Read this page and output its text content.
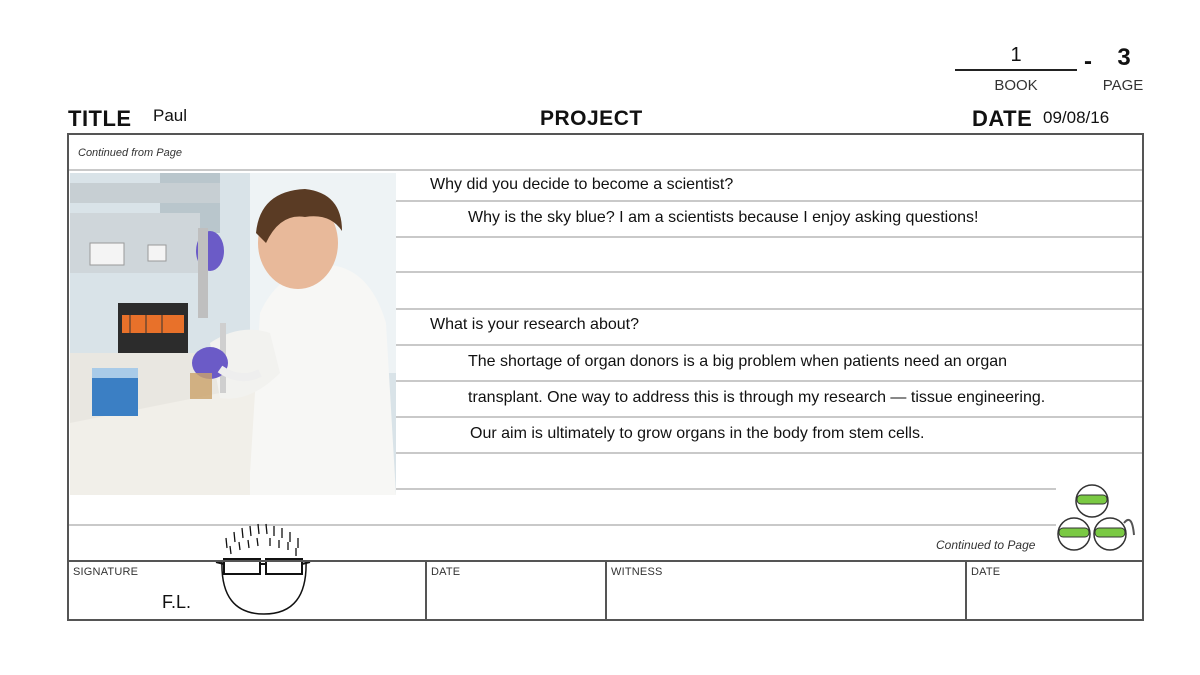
1	-	3
BOOK	PAGE
TITLE Paul	PROJECT	DATE 09/08/16
Continued from Page
Why did you decide to become a scientist?
Why is the sky blue? I am a scientists because I enjoy asking questions!
What is your research about?
The shortage of organ donors is a big problem when patients need an organ
transplant. One way to address this is through my research — tissue engineering.
Our aim is ultimately to grow organs in the body from stem cells.
Continued to Page
SIGNATURE
F.L.
DATE	WITNESS	DATE
